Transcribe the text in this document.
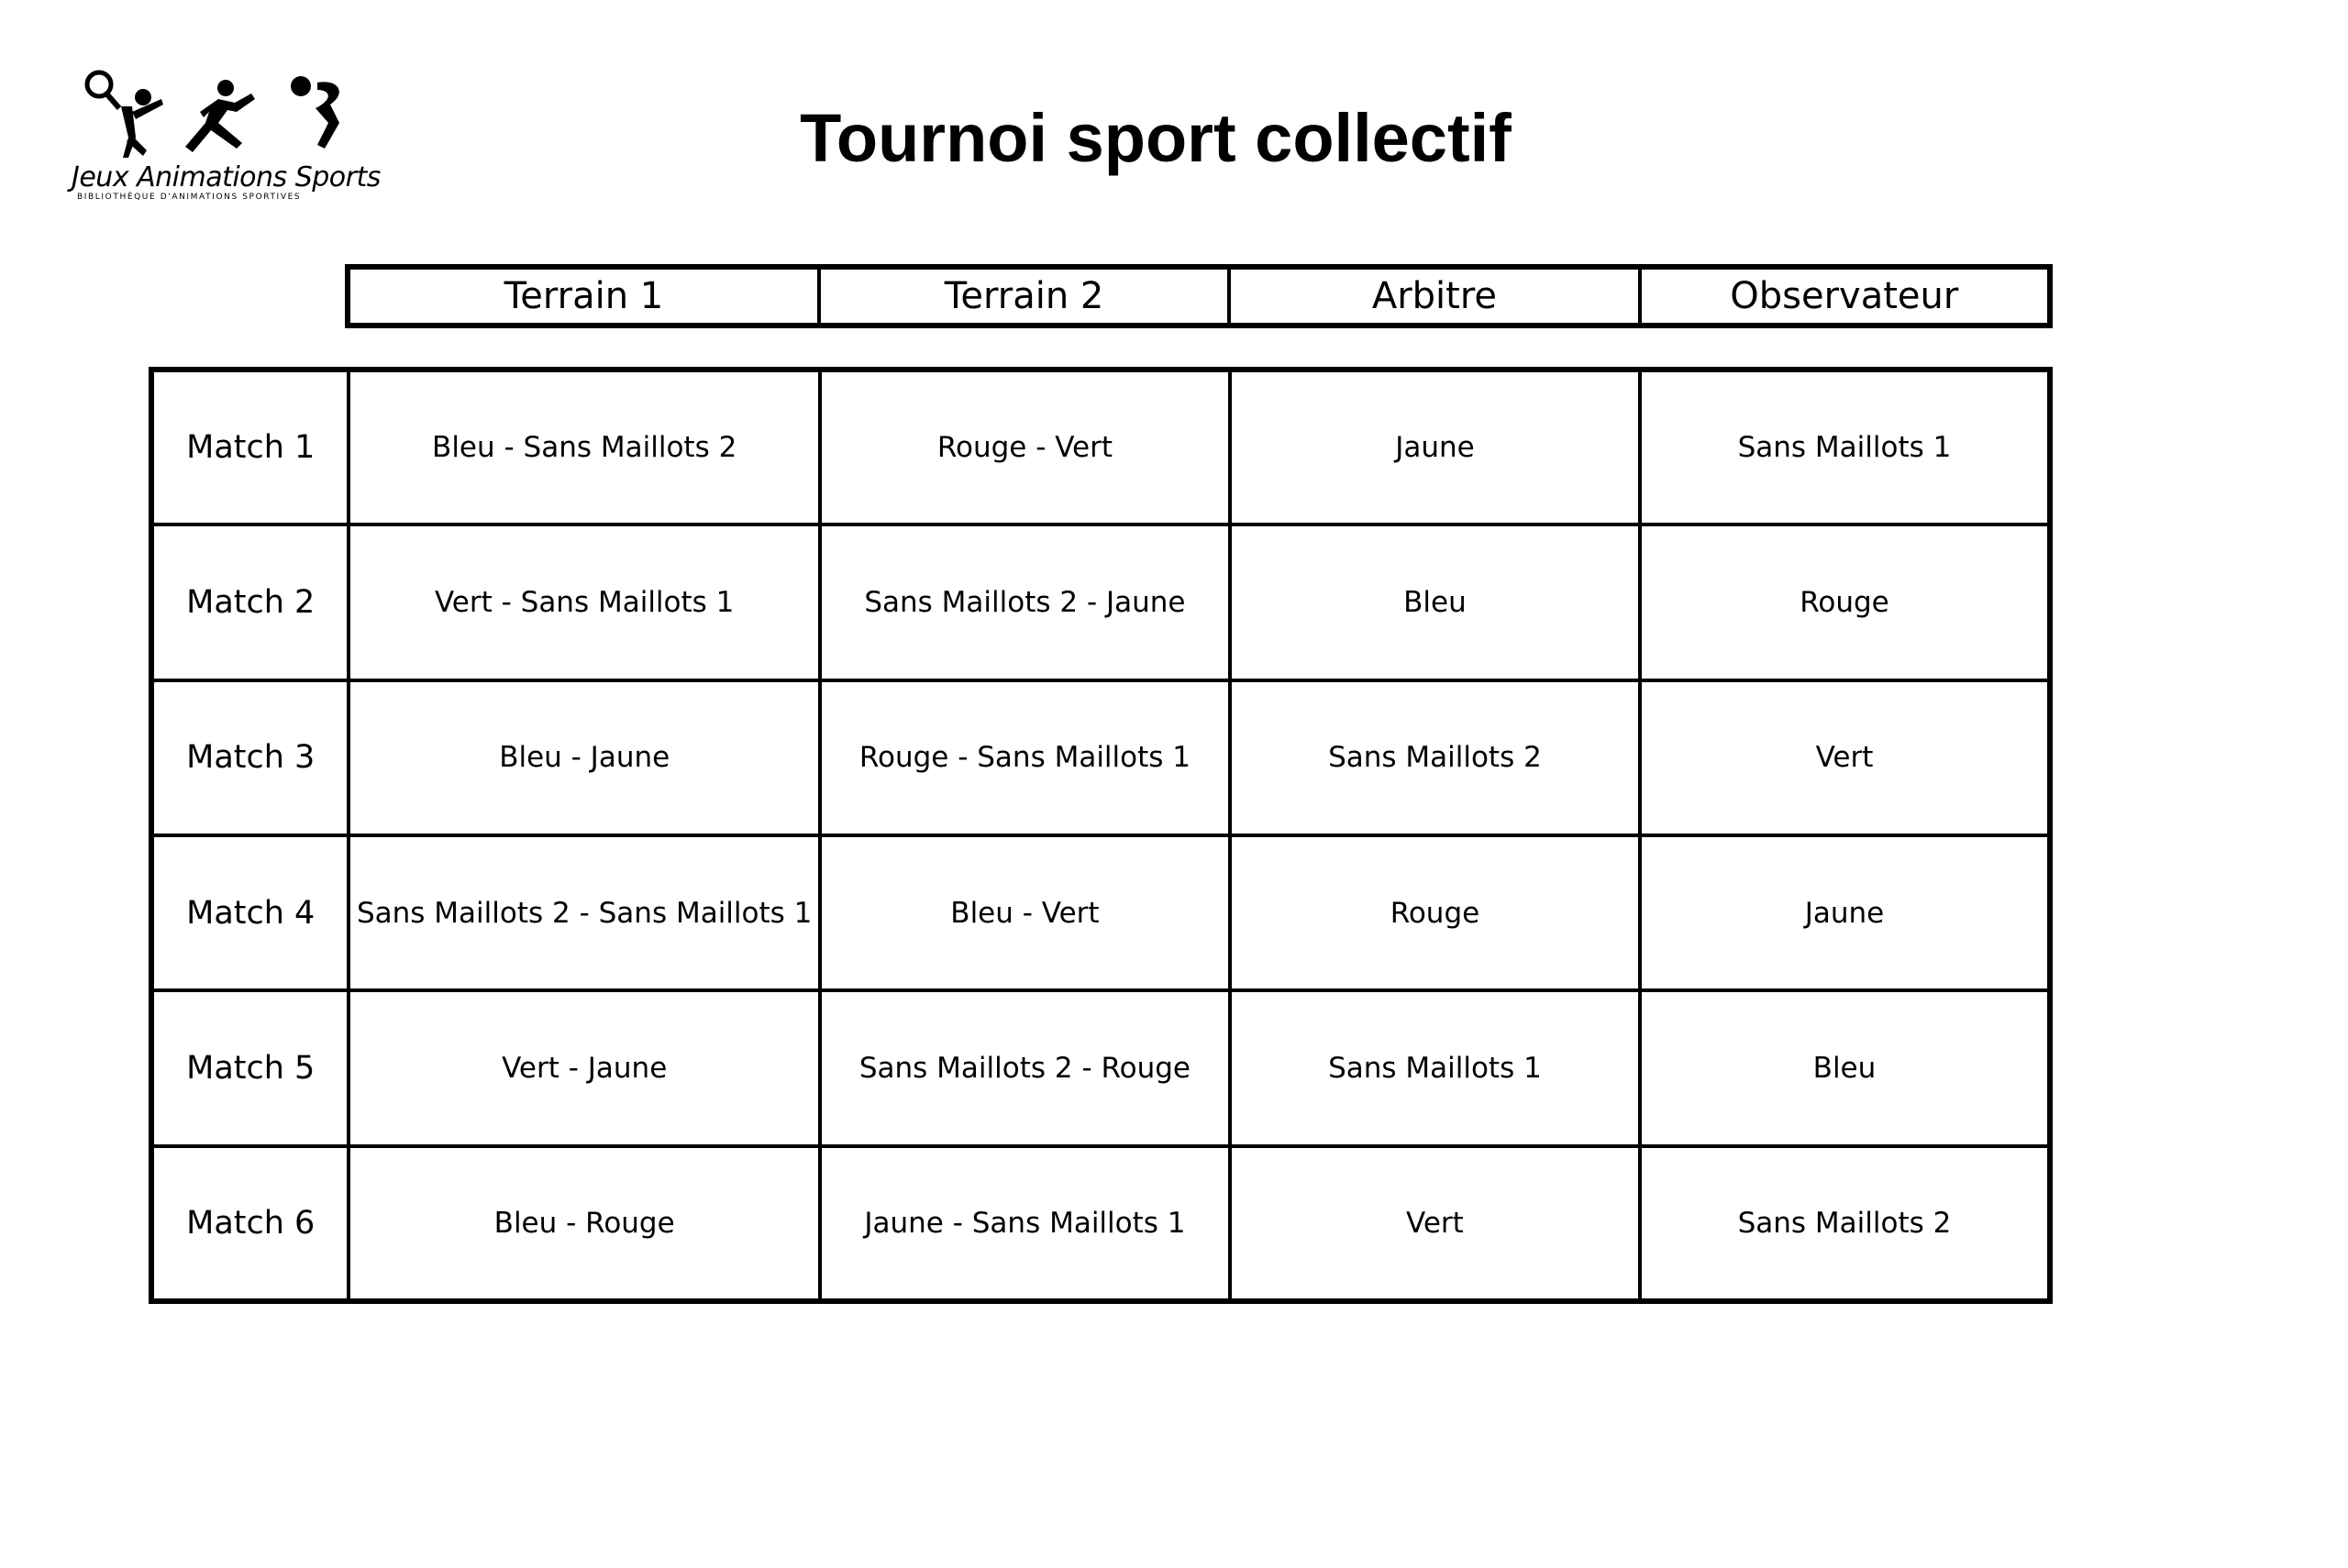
Jeux Animations Sports
BIBLIOTHÈQUE D'ANIMATIONS SPORTIVES
Tournoi sport collectif
Terrain 1	Terrain 2	Arbitre	Observateur
Match 1	Bleu - Sans Maillots 2	Rouge - Vert	Jaune	Sans Maillots 1
Match 2	Vert - Sans Maillots 1	Sans Maillots 2 - Jaune	Bleu	Rouge
Match 3	Bleu - Jaune	Rouge - Sans Maillots 1	Sans Maillots 2	Vert
Match 4	Sans Maillots 2 - Sans Maillots 1	Bleu - Vert	Rouge	Jaune
Match 5	Vert - Jaune	Sans Maillots 2 - Rouge	Sans Maillots 1	Bleu
Match 6	Bleu - Rouge	Jaune - Sans Maillots 1	Vert	Sans Maillots 2
